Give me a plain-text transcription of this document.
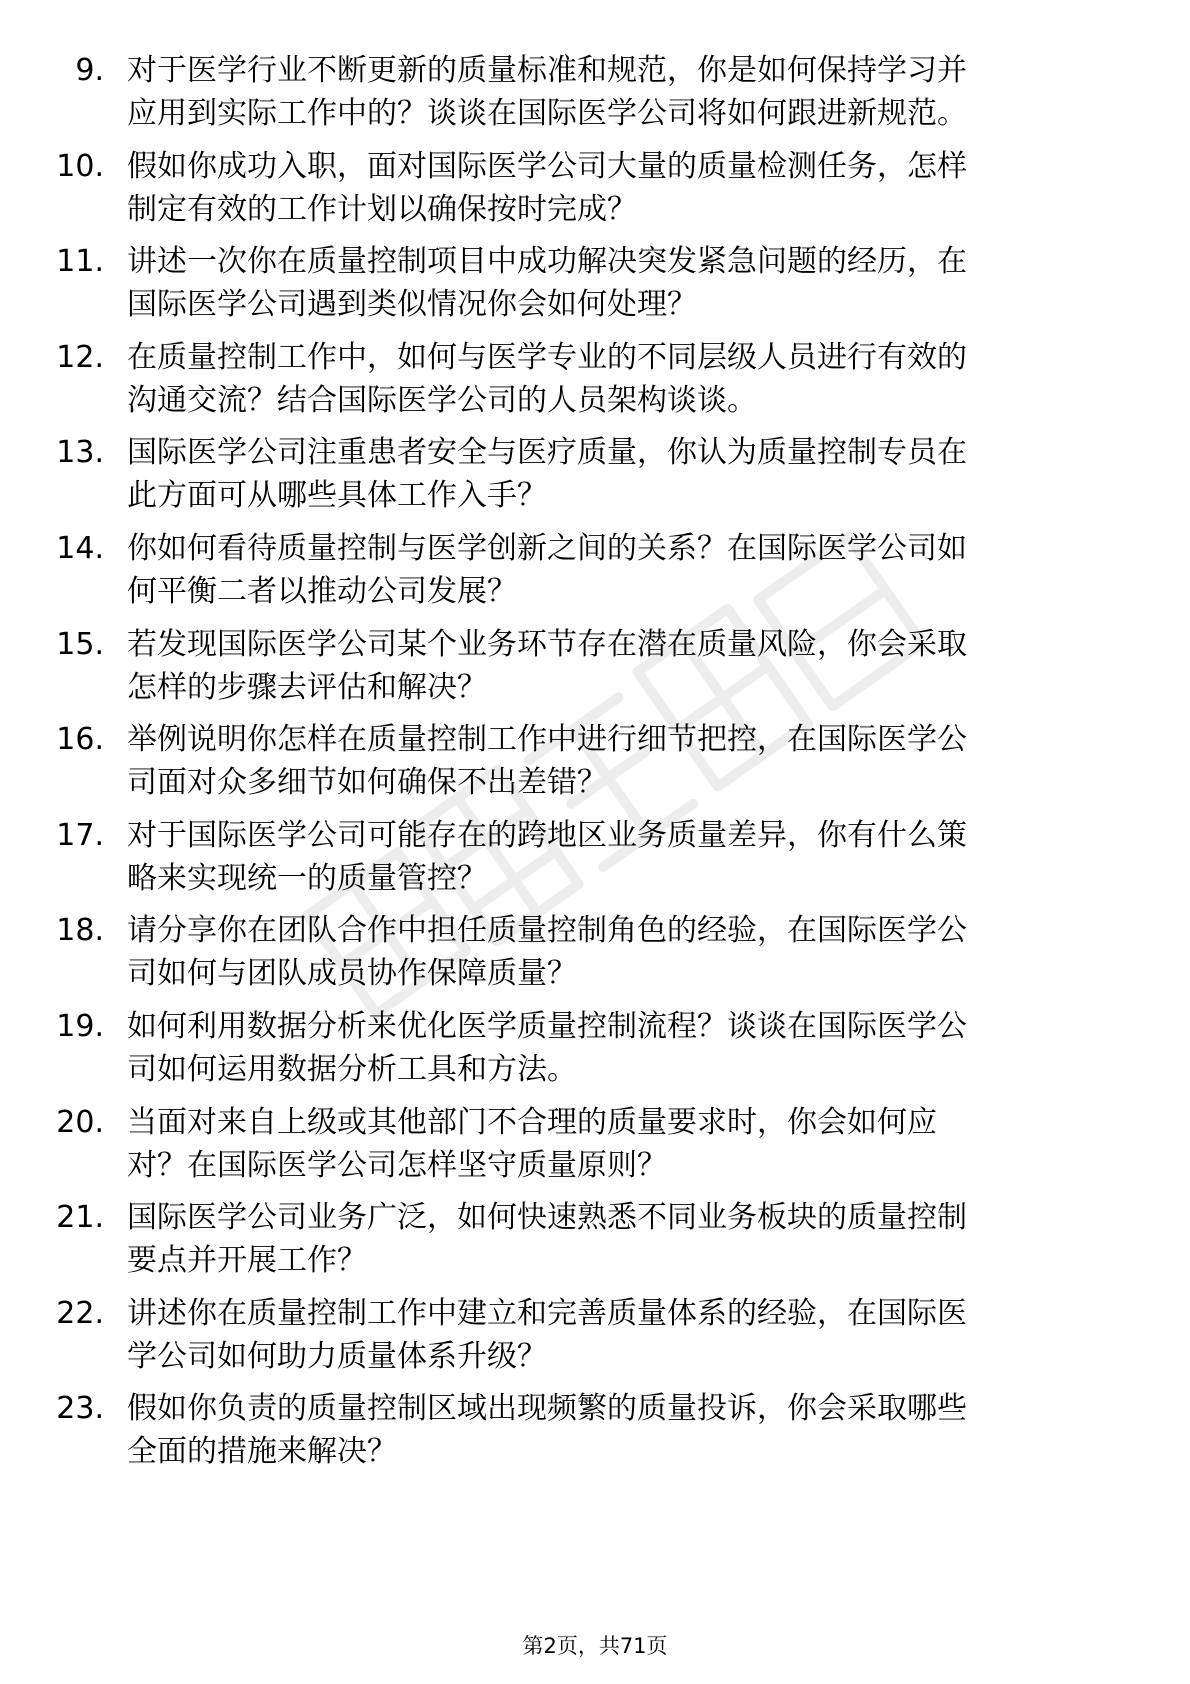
9. 对于医学行业不断更新的质量标准和规范，你是如何保持学习并
应用到实际工作中的？谈谈在国际医学公司将如何跟进新规范。
10. 假如你成功入职，面对国际医学公司大量的质量检测任务，怎样
制定有效的工作计划以确保按时完成？
11. 讲述一次你在质量控制项目中成功解决突发紧急问题的经历，在
国际医学公司遇到类似情况你会如何处理？
12. 在质量控制工作中，如何与医学专业的不同层级人员进行有效的
沟通交流？结合国际医学公司的人员架构谈谈。
13. 国际医学公司注重患者安全与医疗质量，你认为质量控制专员在
此方面可从哪些具体工作入手？
14. 你如何看待质量控制与医学创新之间的关系？在国际医学公司如
何平衡二者以推动公司发展？
15. 若发现国际医学公司某个业务环节存在潜在质量风险，你会采取
怎样的步骤去评估和解决？
16. 举例说明你怎样在质量控制工作中进行细节把控，在国际医学公
司面对众多细节如何确保不出差错？
17. 对于国际医学公司可能存在的跨地区业务质量差异，你有什么策
略来实现统一的质量管控？
18. 请分享你在团队合作中担任质量控制角色的经验，在国际医学公
司如何与团队成员协作保障质量？
19. 如何利用数据分析来优化医学质量控制流程？谈谈在国际医学公
司如何运用数据分析工具和方法。
20. 当面对来自上级或其他部门不合理的质量要求时，你会如何应
对？在国际医学公司怎样坚守质量原则？
21. 国际医学公司业务广泛，如何快速熟悉不同业务板块的质量控制
要点并开展工作？
22. 讲述你在质量控制工作中建立和完善质量体系的经验，在国际医
学公司如何助力质量体系升级？
23. 假如你负责的质量控制区域出现频繁的质量投诉，你会采取哪些
全面的措施来解决？
第2页，共71页
